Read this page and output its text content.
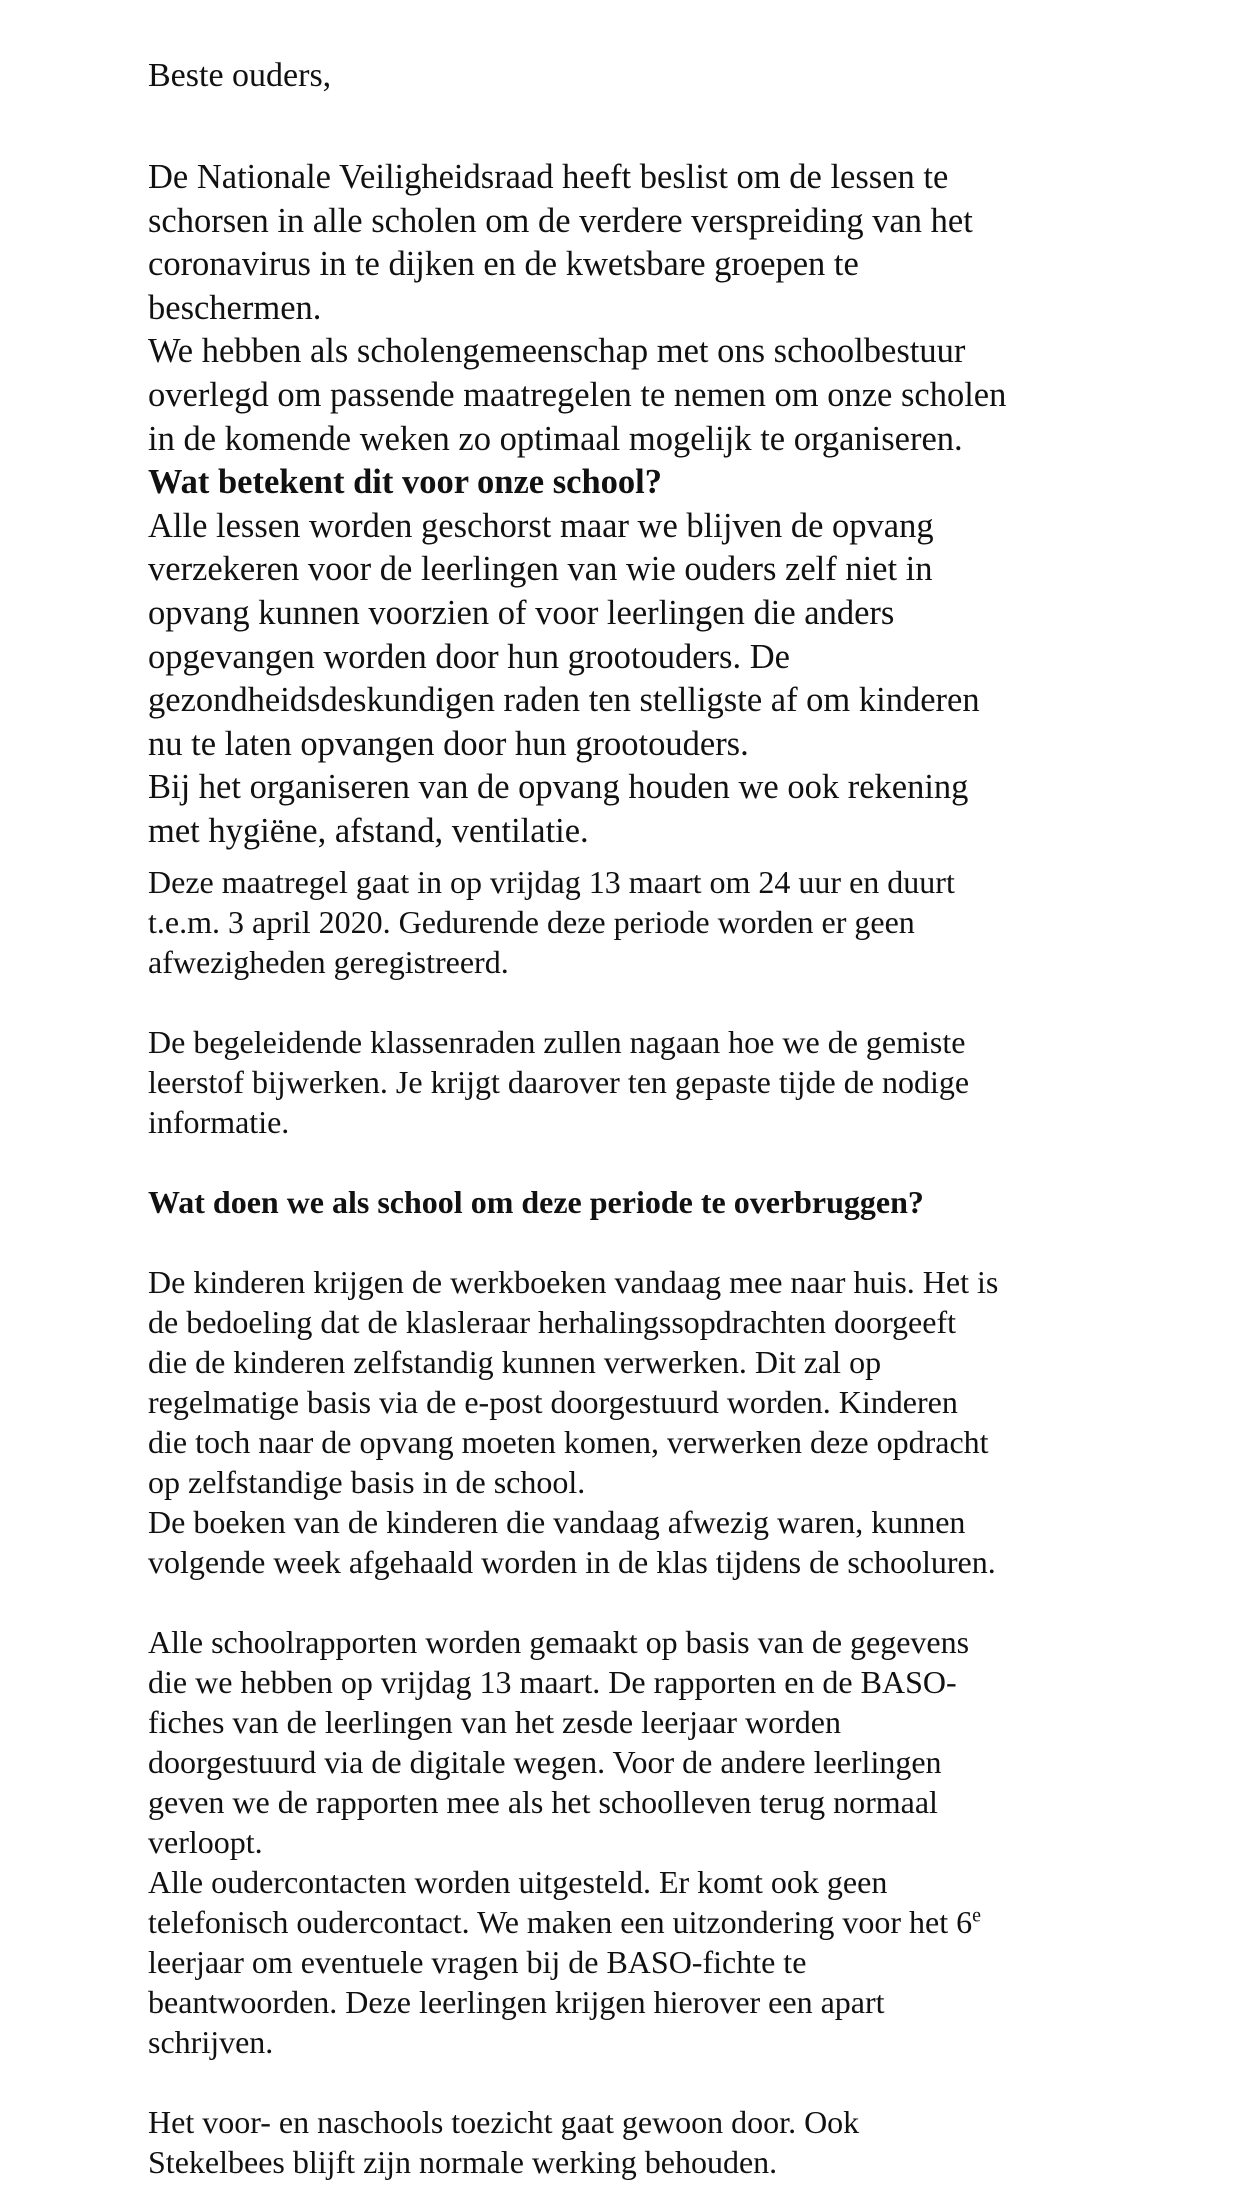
Beste ouders,

De Nationale Veiligheidsraad heeft beslist om de lessen te
schorsen in alle scholen om de verdere verspreiding van het
coronavirus in te dijken en de kwetsbare groepen te
beschermen.

We hebben als scholengemeenschap met ons schoolbestuur
overlegd om passende maatregelen te nemen om onze scholen
in de komende weken zo optimaal mogelijk te organiseren.

Wat betekent dit voor onze school?

Alle lessen worden geschorst maar we blijven de opvang
verzekeren voor de leerlingen van wie ouders zelf niet in
opvang kunnen voorzien of voor leerlingen die anders
opgevangen worden door hun grootouders. De
gezondheidsdeskundigen raden ten stelligste af om kinderen
nu te laten opvangen door hun grootouders.

Bij het organiseren van de opvang houden we ook rekening
met hygiëne, afstand, ventilatie.

Deze maatregel gaat in op vrijdag 13 maart om 24 uur en duurt
t.e.m. 3 april 2020. Gedurende deze periode worden er geen
afwezigheden geregistreerd.

De begeleidende klassenraden zullen nagaan hoe we de gemiste
leerstof bijwerken. Je krijgt daarover ten gepaste tijde de nodige
informatie.

Wat doen we als school om deze periode te overbruggen?

De kinderen krijgen de werkboeken vandaag mee naar huis. Het is
de bedoeling dat de klasleraar herhalingssopdrachten doorgeeft
die de kinderen zelfstandig kunnen verwerken. Dit zal op
regelmatige basis via de e-post doorgestuurd worden. Kinderen
die toch naar de opvang moeten komen, verwerken deze opdracht
op zelfstandige basis in de school.

De boeken van de kinderen die vandaag afwezig waren, kunnen
volgende week afgehaald worden in de klas tijdens de schooluren.

Alle schoolrapporten worden gemaakt op basis van de gegevens
die we hebben op vrijdag 13 maart. De rapporten en de BASO-
fiches van de leerlingen van het zesde leerjaar worden
doorgestuurd via de digitale wegen. Voor de andere leerlingen
geven we de rapporten mee als het schoolleven terug normaal
verloopt.

Alle oudercontacten worden uitgesteld. Er komt ook geen
telefonisch oudercontact. We maken een uitzondering voor het 6e
leerjaar om eventuele vragen bij de BASO-fichte te
beantwoorden. Deze leerlingen krijgen hierover een apart
schrijven.

Het voor- en naschools toezicht gaat gewoon door. Ook
Stekelbees blijft zijn normale werking behouden.
